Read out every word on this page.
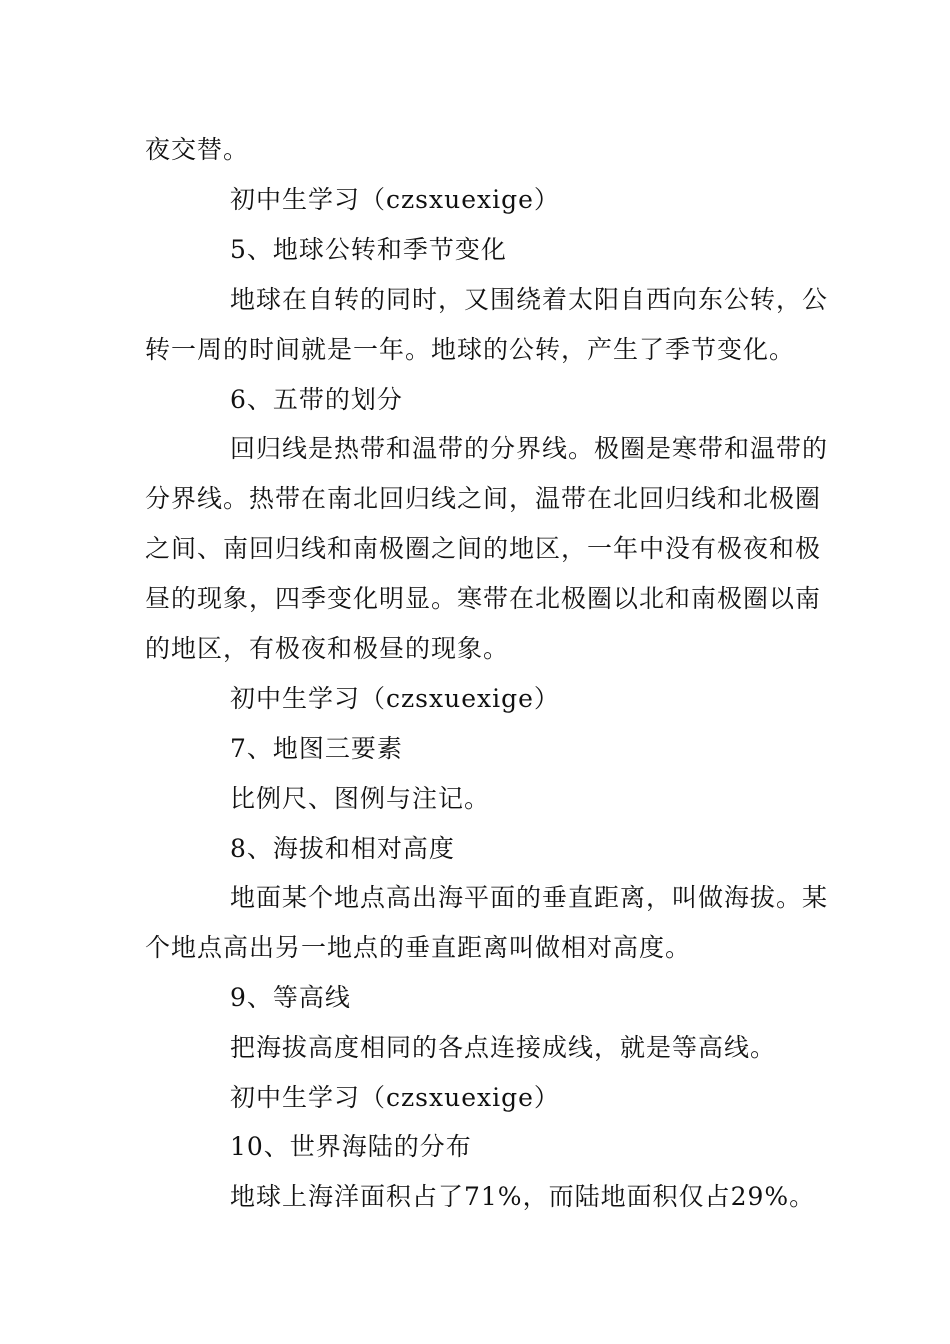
夜交替。
初中生学习（czsxuexige）
5、地球公转和季节变化
地球在自转的同时，又围绕着太阳自西向东公转，公
转一周的时间就是一年。地球的公转，产生了季节变化。
6、五带的划分
回归线是热带和温带的分界线。极圈是寒带和温带的
分界线。热带在南北回归线之间，温带在北回归线和北极圈
之间、南回归线和南极圈之间的地区，一年中没有极夜和极
昼的现象，四季变化明显。寒带在北极圈以北和南极圈以南
的地区，有极夜和极昼的现象。
初中生学习（czsxuexige）
7、地图三要素
比例尺、图例与注记。
8、海拔和相对高度
地面某个地点高出海平面的垂直距离，叫做海拔。某
个地点高出另一地点的垂直距离叫做相对高度。
9、等高线
把海拔高度相同的各点连接成线，就是等高线。
初中生学习（czsxuexige）
10、世界海陆的分布
地球上海洋面积占了71%，而陆地面积仅占29%。
